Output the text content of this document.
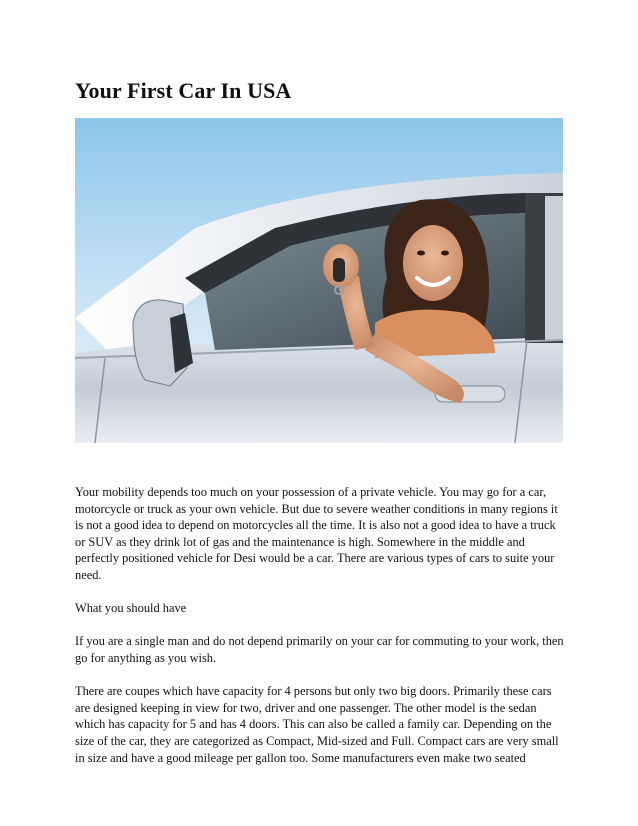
Your First Car In USA

Your mobility depends too much on your possession of a private vehicle. You may go for a car, motorcycle or truck as your own vehicle. But due to severe weather conditions in many regions it is not a good idea to depend on motorcycles all the time. It is also not a good idea to have a truck or SUV as they drink lot of gas and the maintenance is high. Somewhere in the middle and perfectly positioned vehicle for Desi would be a car. There are various types of cars to suite your need.

What you should have

If you are a single man and do not depend primarily on your car for commuting to your work, then go for anything as you wish.

There are coupes which have capacity for 4 persons but only two big doors. Primarily these cars are designed keeping in view for two, driver and one passenger. The other model is the sedan which has capacity for 5 and has 4 doors. This can also be called a family car. Depending on the size of the car, they are categorized as Compact, Mid-sized and Full. Compact cars are very small in size and have a good mileage per gallon too. Some manufacturers even make two seated
